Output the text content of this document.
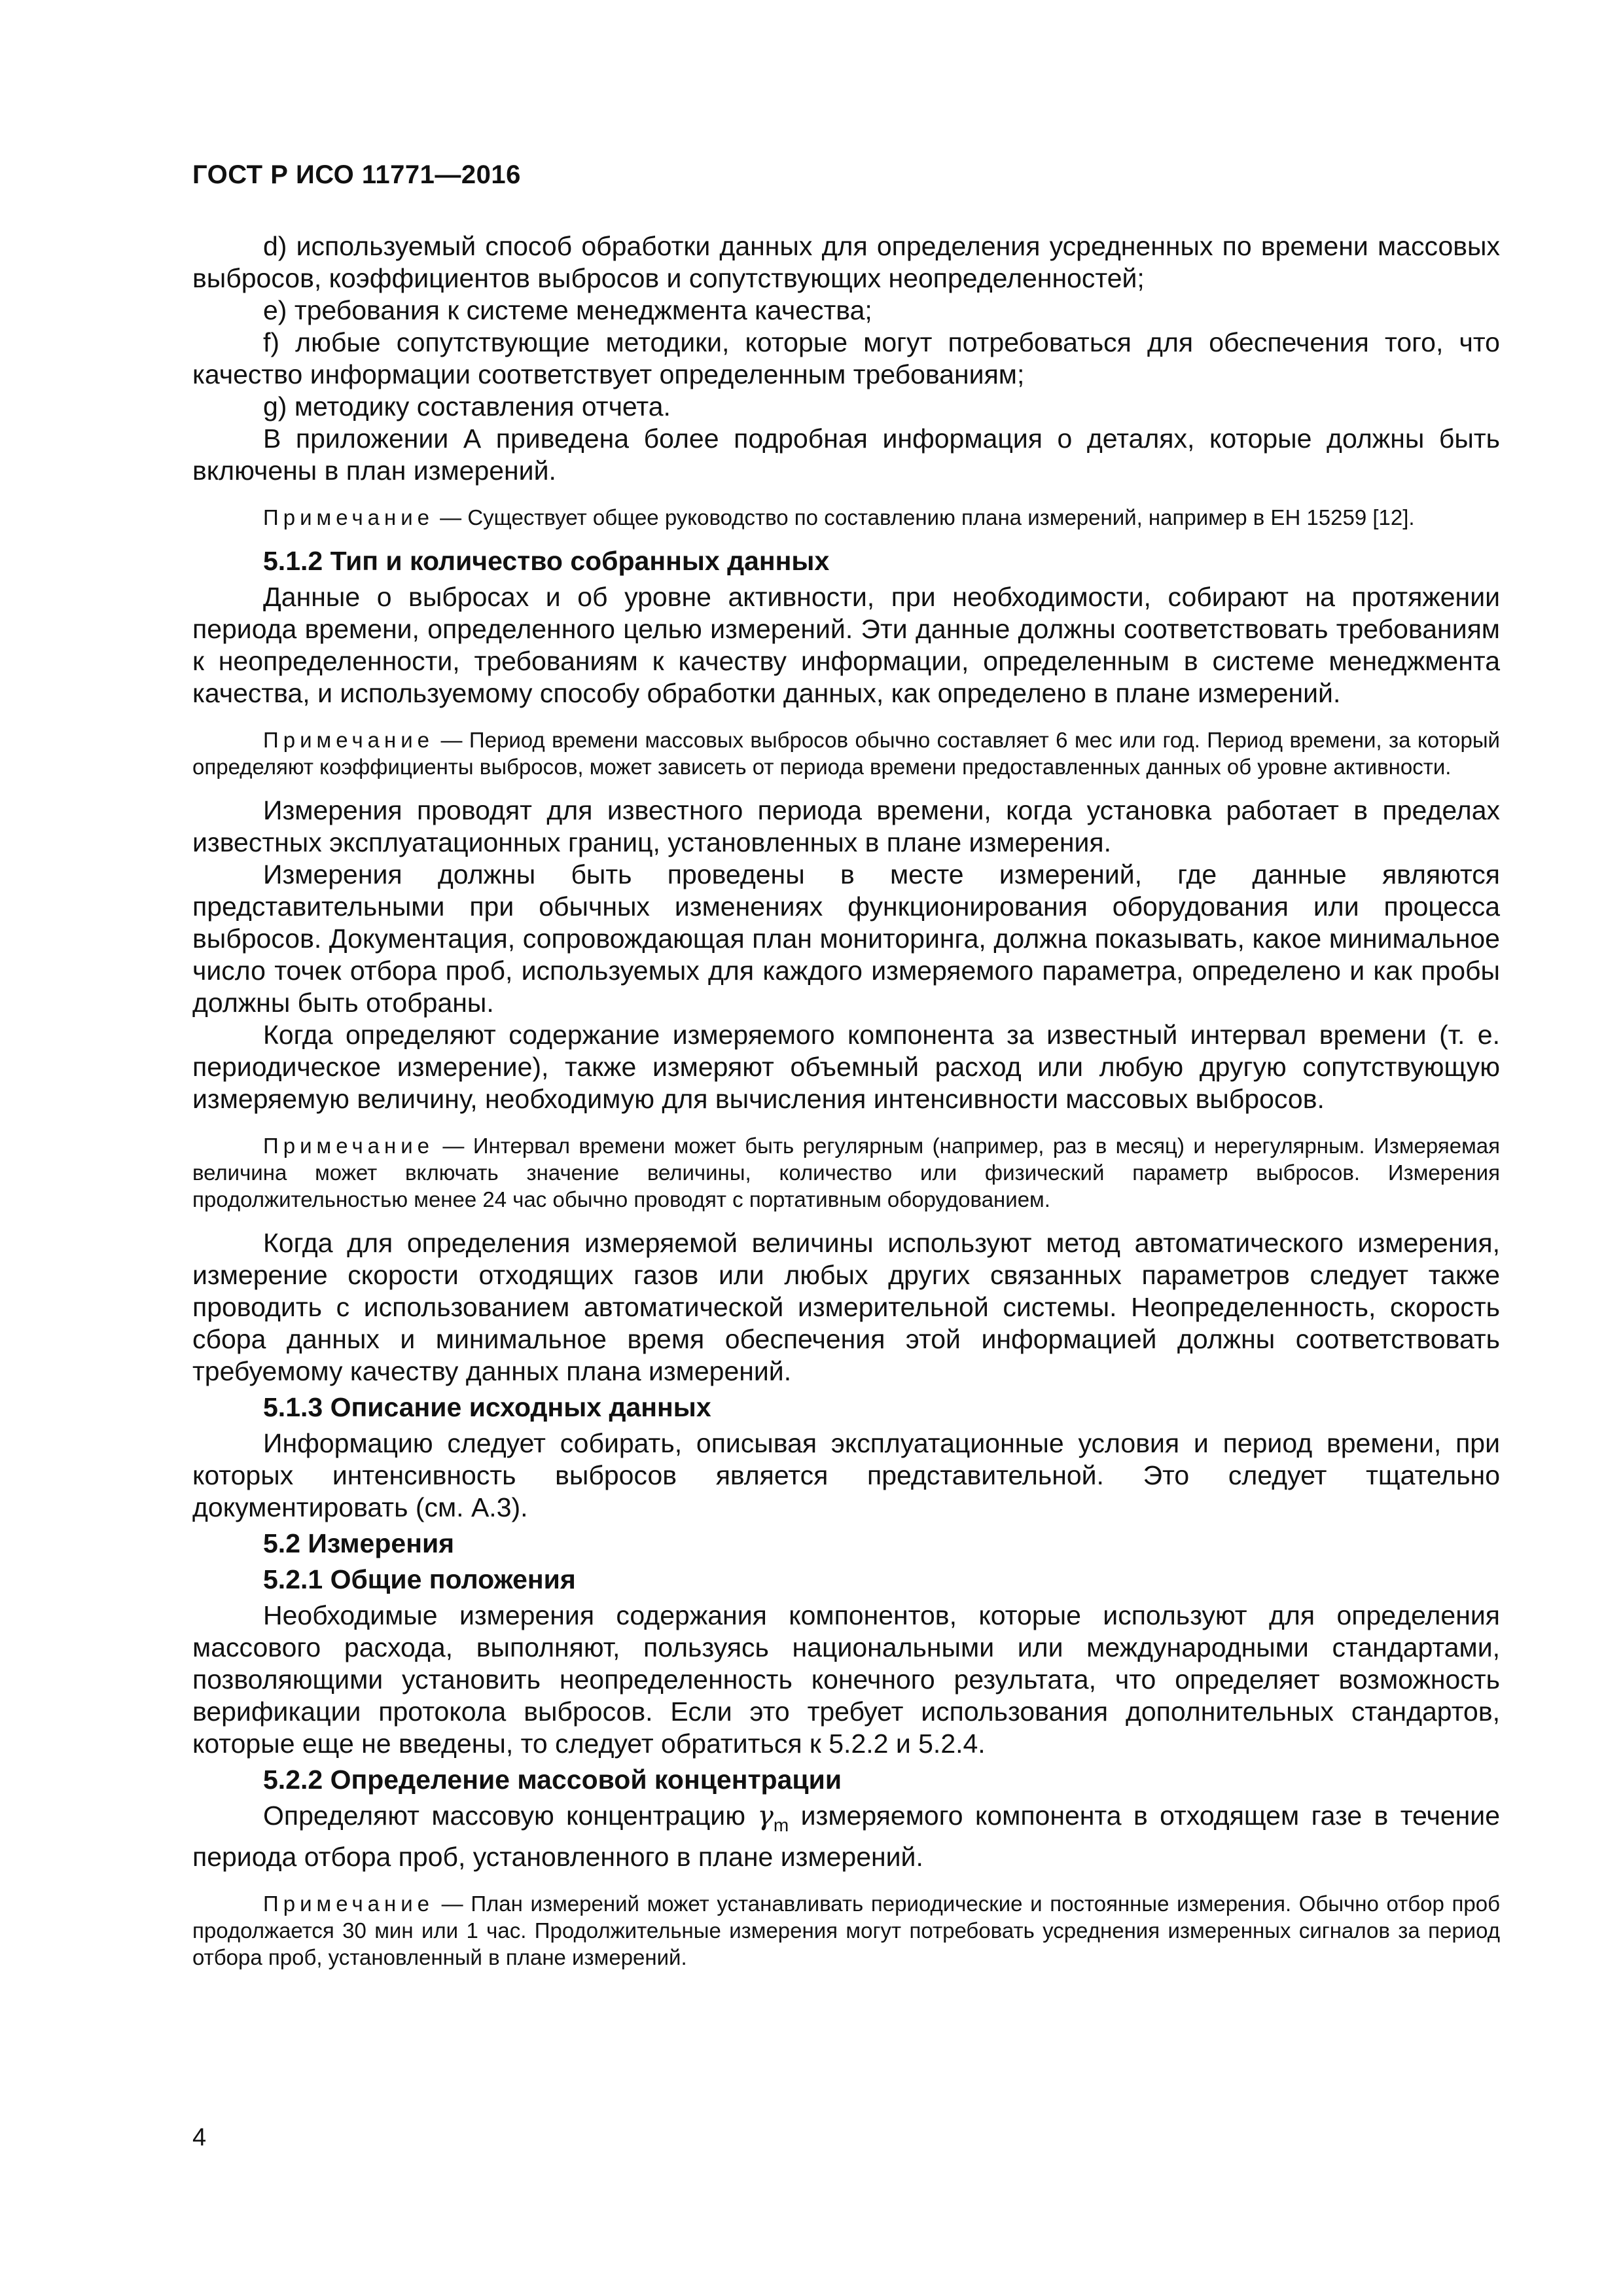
ГОСТ Р ИСО 11771—2016

d) используемый способ обработки данных для определения усредненных по времени массовых выбросов, коэффициентов выбросов и сопутствующих неопределенностей;

e) требования к системе менеджмента качества;

f) любые сопутствующие методики, которые могут потребоваться для обеспечения того, что качество информации соответствует определенным требованиям;

g) методику составления отчета.

В приложении А приведена более подробная информация о деталях, которые должны быть включены в план измерений.

Примечание — Существует общее руководство по составлению плана измерений, например в ЕН 15259 [12].

5.1.2 Тип и количество собранных данных

Данные о выбросах и об уровне активности, при необходимости, собирают на протяжении периода времени, определенного целью измерений. Эти данные должны соответствовать требованиям к неопределенности, требованиям к качеству информации, определенным в системе менеджмента качества, и используемому способу обработки данных, как определено в плане измерений.

Примечание — Период времени массовых выбросов обычно составляет 6 мес или год. Период времени, за который определяют коэффициенты выбросов, может зависеть от периода времени предоставленных данных об уровне активности.

Измерения проводят для известного периода времени, когда установка работает в пределах известных эксплуатационных границ, установленных в плане измерения.

Измерения должны быть проведены в месте измерений, где данные являются представительными при обычных изменениях функционирования оборудования или процесса выбросов. Документация, сопровождающая план мониторинга, должна показывать, какое минимальное число точек отбора проб, используемых для каждого измеряемого параметра, определено и как пробы должны быть отобраны.

Когда определяют содержание измеряемого компонента за известный интервал времени (т. е. периодическое измерение), также измеряют объемный расход или любую другую сопутствующую измеряемую величину, необходимую для вычисления интенсивности массовых выбросов.

Примечание — Интервал времени может быть регулярным (например, раз в месяц) и нерегулярным. Измеряемая величина может включать значение величины, количество или физический параметр выбросов. Измерения продолжительностью менее 24 час обычно проводят с портативным оборудованием.

Когда для определения измеряемой величины используют метод автоматического измерения, измерение скорости отходящих газов или любых других связанных параметров следует также проводить с использованием автоматической измерительной системы. Неопределенность, скорость сбора данных и минимальное время обеспечения этой информацией должны соответствовать требуемому качеству данных плана измерений.

5.1.3 Описание исходных данных

Информацию следует собирать, описывая эксплуатационные условия и период времени, при которых интенсивность выбросов является представительной. Это следует тщательно документировать (см. А.3).

5.2 Измерения
5.2.1 Общие положения

Необходимые измерения содержания компонентов, которые используют для определения массового расхода, выполняют, пользуясь национальными или международными стандартами, позволяющими установить неопределенность конечного результата, что определяет возможность верификации протокола выбросов. Если это требует использования дополнительных стандартов, которые еще не введены, то следует обратиться к 5.2.2 и 5.2.4.

5.2.2 Определение массовой концентрации

Определяют массовую концентрацию $\gamma_m$ измеряемого компонента в отходящем газе в течение периода отбора проб, установленного в плане измерений.

Примечание — План измерений может устанавливать периодические и постоянные измерения. Обычно отбор проб продолжается 30 мин или 1 час. Продолжительные измерения могут потребовать усреднения измеренных сигналов за период отбора проб, установленный в плане измерений.

4
